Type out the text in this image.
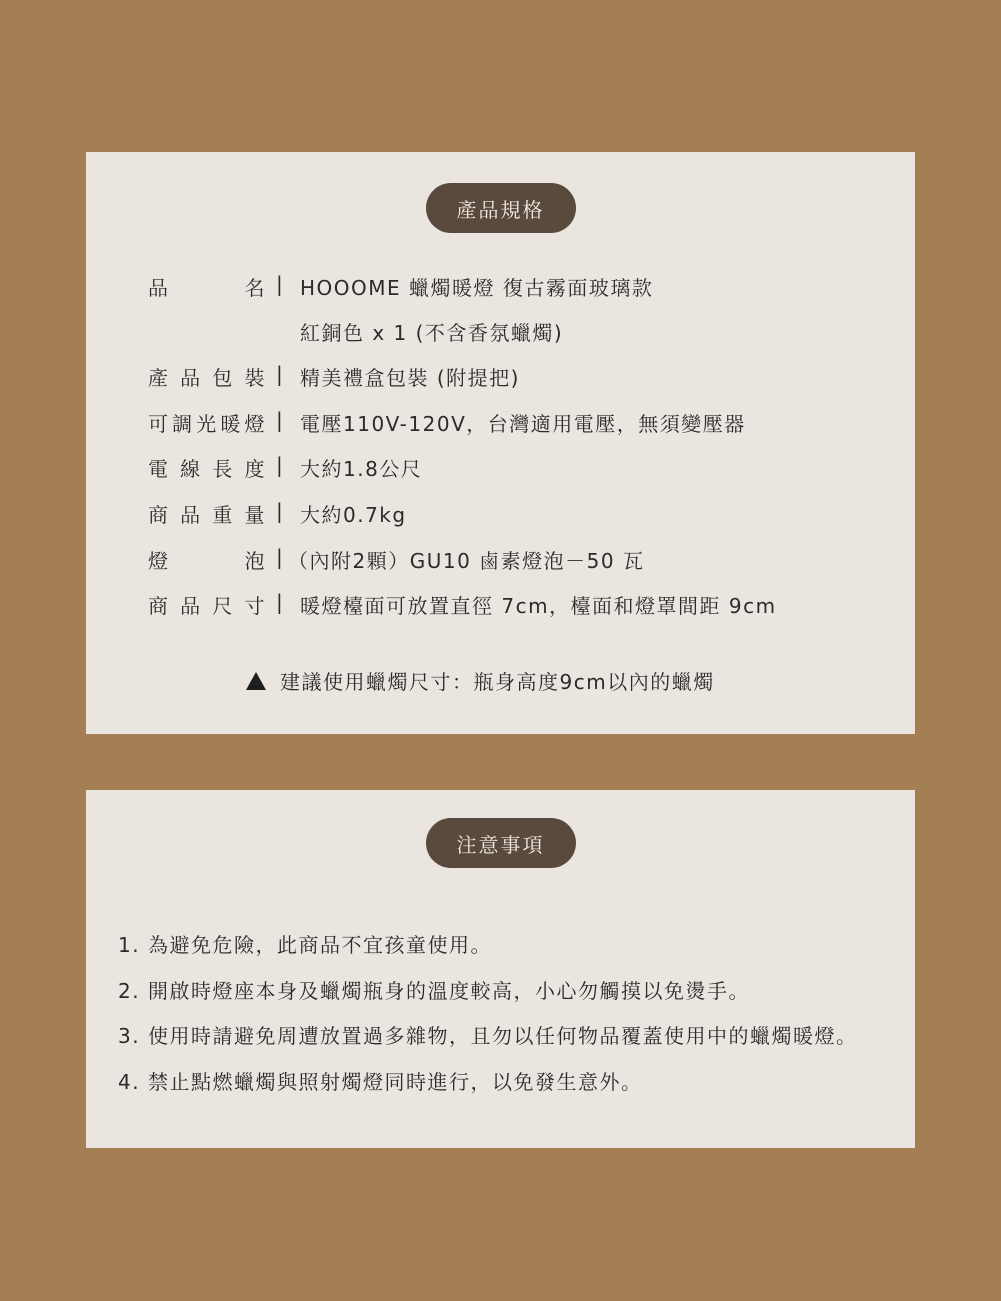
產品規格
品	名 | HOOOME 蠟燭暖燈 復古霧面玻璃款
紅銅色 x 1 (不含香氛蠟燭)
產 品 包 裝 | 精美禮盒包裝 (附提把)
可 調 光 暖 燈 | 電壓110V-120V，台灣適用電壓，無須變壓器
電 線 長 度 | 大約1.8公尺
商 品 重 量 | 大約0.7kg
燈	泡 | （內附2顆）GU10 鹵素燈泡－50 瓦
商 品 尺 寸 | 暖燈檯面可放置直徑 7cm，檯面和燈罩間距 9cm
建議使用蠟燭尺寸：瓶身高度9cm以內的蠟燭
注意事項
1. 為避免危險，此商品不宜孩童使用。
2. 開啟時燈座本身及蠟燭瓶身的溫度較高，小心勿觸摸以免燙手。
3. 使用時請避免周遭放置過多雜物，且勿以任何物品覆蓋使用中的蠟燭暖燈。
4. 禁止點燃蠟燭與照射燭燈同時進行，以免發生意外。
